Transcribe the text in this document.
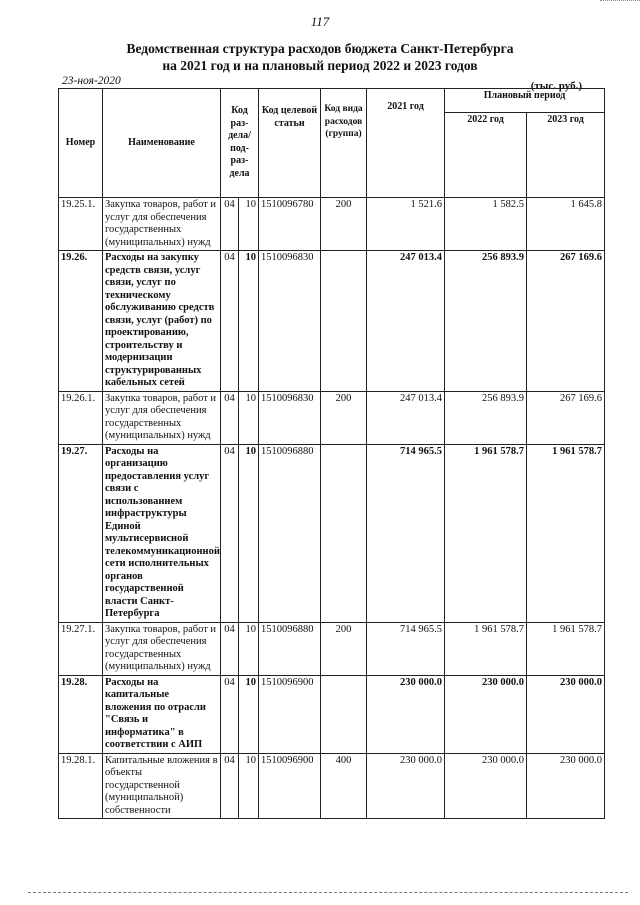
117
Ведомственная структура расходов бюджета Санкт-Петербурга
на 2021 год и на плановый период 2022 и 2023 годов
23-ноя-2020	(тыс. руб.)
Номер	Наименование	Код раз-дела/ под-раз-дела		Код целевой статьи	Код вида расходов (группа)	2021 год	Плановый период	
							2022 год	2023 год
19.25.1.	Закупка товаров, работ и услуг для обеспечения государственных (муниципальных) нужд	04	10	1510096780	200	1 521.6	1 582.5	1 645.8
19.26.	Расходы на закупку средств связи, услуг связи, услуг по техническому обслуживанию средств связи, услуг (работ) по проектированию, строительству и модернизации структурированных кабельных сетей	04	10	1510096830		247 013.4	256 893.9	267 169.6
19.26.1.	Закупка товаров, работ и услуг для обеспечения государственных (муниципальных) нужд	04	10	1510096830	200	247 013.4	256 893.9	267 169.6
19.27.	Расходы на организацию предоставления услуг связи с использованием инфраструктуры Единой мультисервисной телекоммуникационной сети исполнительных органов государственной власти Санкт-Петербурга	04	10	1510096880		714 965.5	1 961 578.7	1 961 578.7
19.27.1.	Закупка товаров, работ и услуг для обеспечения государственных (муниципальных) нужд	04	10	1510096880	200	714 965.5	1 961 578.7	1 961 578.7
19.28.	Расходы на капитальные вложения по отрасли "Связь и информатика" в соответствии с АИП	04	10	1510096900		230 000.0	230 000.0	230 000.0
19.28.1.	Капитальные вложения в объекты государственной (муниципальной) собственности	04	10	1510096900	400	230 000.0	230 000.0	230 000.0
